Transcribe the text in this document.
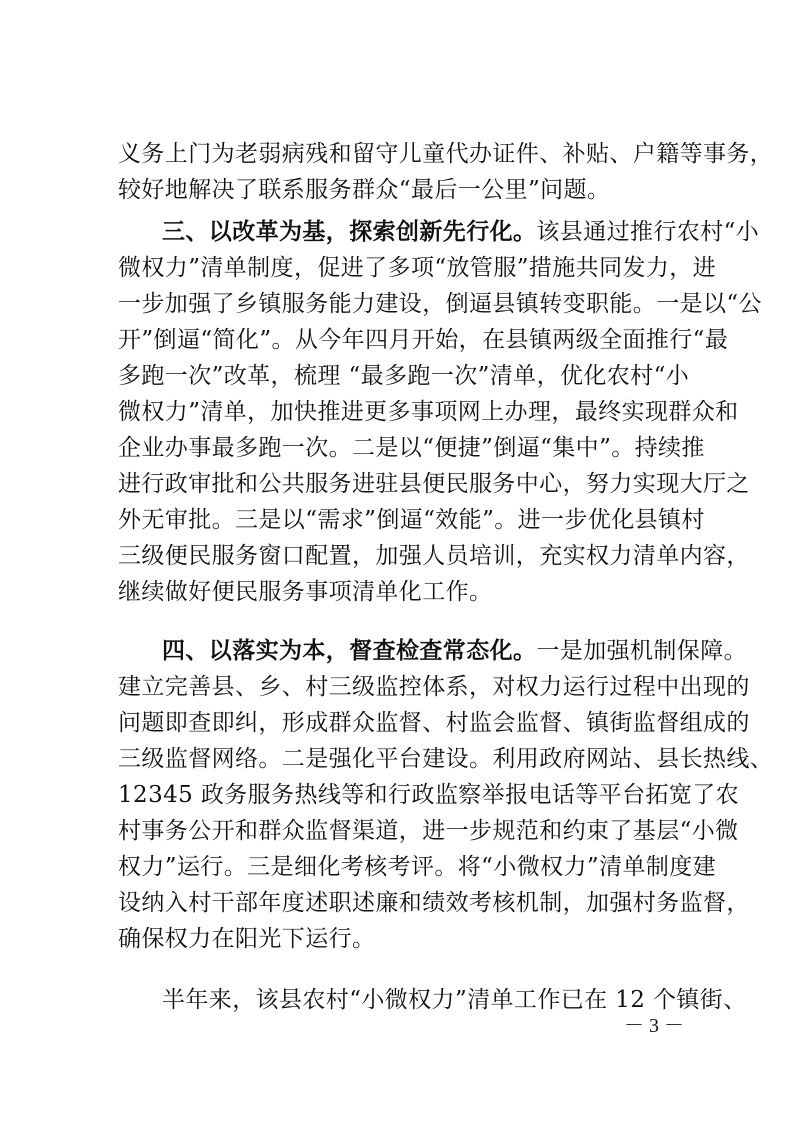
义务上门为老弱病残和留守儿童代办证件、补贴、户籍等事务，
较好地解决了联系服务群众“最后一公里”问题。
三、以改革为基，探索创新先行化。该县通过推行农村“小
微权力”清单制度，促进了多项“放管服”措施共同发力，进
一步加强了乡镇服务能力建设，倒逼县镇转变职能。一是以“公
开”倒逼“简化”。从今年四月开始，在县镇两级全面推行“最
多跑一次”改革，梳理 “最多跑一次”清单，优化农村“小
微权力”清单，加快推进更多事项网上办理，最终实现群众和
企业办事最多跑一次。二是以“便捷”倒逼“集中”。持续推
进行政审批和公共服务进驻县便民服务中心，努力实现大厅之
外无审批。三是以“需求”倒逼“效能”。进一步优化县镇村
三级便民服务窗口配置，加强人员培训，充实权力清单内容，
继续做好便民服务事项清单化工作。
四、以落实为本，督查检查常态化。一是加强机制保障。
建立完善县、乡、村三级监控体系，对权力运行过程中出现的
问题即查即纠，形成群众监督、村监会监督、镇街监督组成的
三级监督网络。二是强化平台建设。利用政府网站、县长热线、
12345 政务服务热线等和行政监察举报电话等平台拓宽了农
村事务公开和群众监督渠道，进一步规范和约束了基层“小微
权力”运行。三是细化考核考评。将“小微权力”清单制度建
设纳入村干部年度述职述廉和绩效考核机制，加强村务监督，
确保权力在阳光下运行。
半年来，该县农村“小微权力”清单工作已在 12 个镇街、
－ 3 －
